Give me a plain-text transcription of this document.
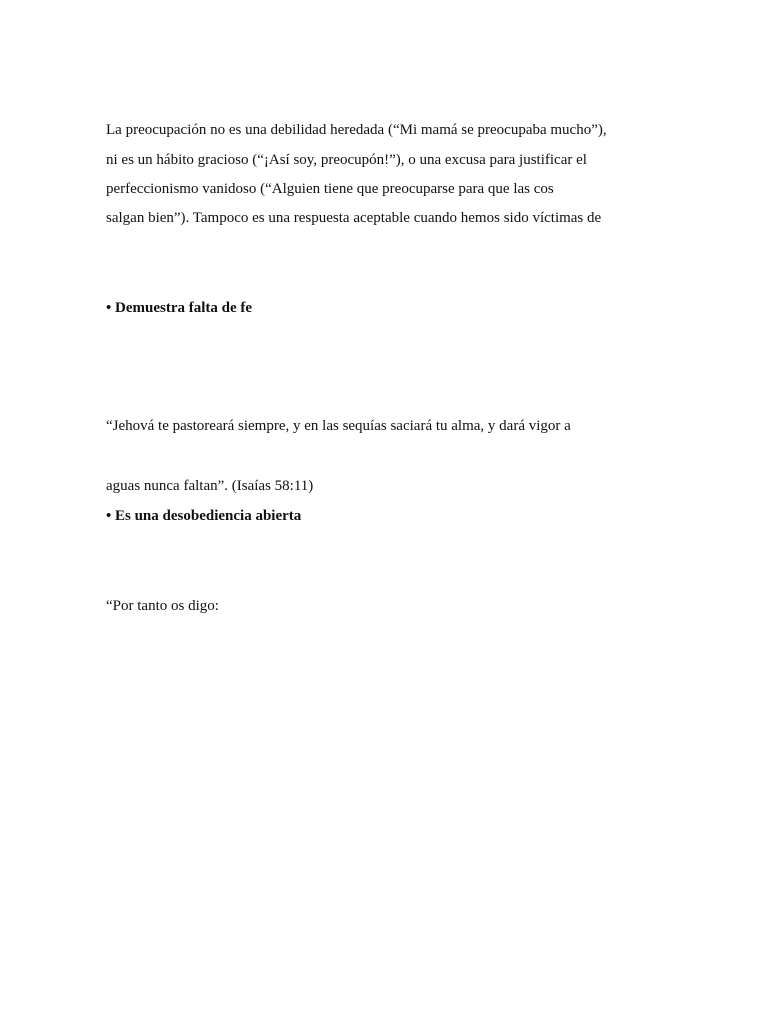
La preocupación no es una debilidad heredada (“Mi mamá se preocupaba mucho”),
ni es un hábito gracioso (“¡Así soy, preocupón!”), o una excusa para justificar el
perfeccionismo vanidoso (“Alguien tiene que preocuparse para que las cos
salgan bien”). Tampoco es una respuesta aceptable cuando hemos sido víctimas de
• Demuestra falta de fe
“Jehová te pastoreará siempre, y en las sequías saciará tu alma, y dará vigor a
aguas nunca faltan”. (Isaías 58:11)
• Es una desobediencia abierta
“Por tanto os digo:
